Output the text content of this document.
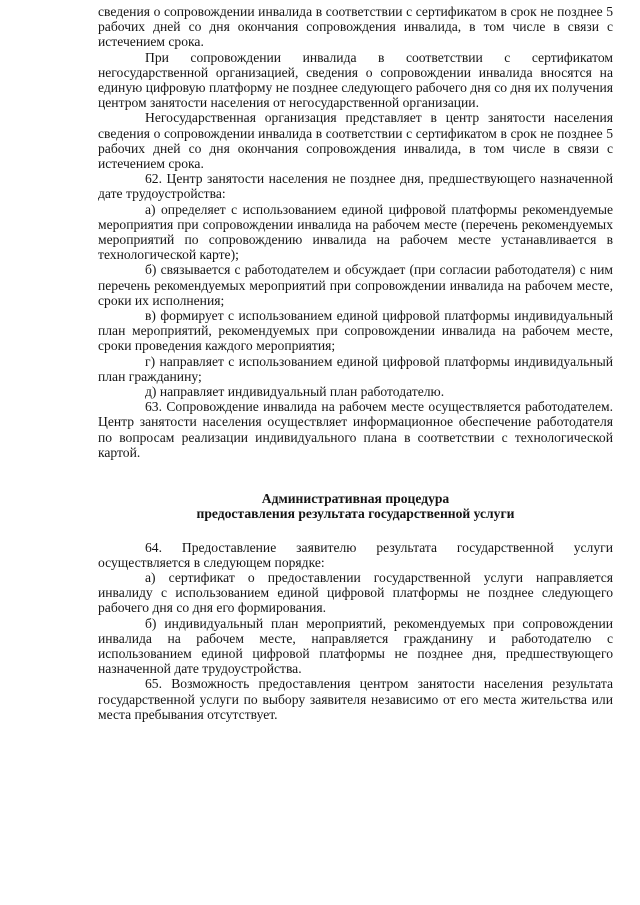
сведения о сопровождении инвалида в соответствии с сертификатом в срок не позднее 5 рабочих дней со дня окончания сопровождения инвалида, в том числе в связи с истечением срока.

При сопровождении инвалида в соответствии с сертификатом негосударственной организацией, сведения о сопровождении инвалида вносятся на единую цифровую платформу не позднее следующего рабочего дня со дня их получения центром занятости населения от негосударственной организации.

Негосударственная организация представляет в центр занятости населения сведения о сопровождении инвалида в соответствии с сертификатом в срок не позднее 5 рабочих дней со дня окончания сопровождения инвалида, в том числе в связи с истечением срока.

62. Центр занятости населения не позднее дня, предшествующего назначенной дате трудоустройства:

а) определяет с использованием единой цифровой платформы рекомендуемые мероприятия при сопровождении инвалида на рабочем месте (перечень рекомендуемых мероприятий по сопровождению инвалида на рабочем месте устанавливается в технологической карте);

б) связывается с работодателем и обсуждает (при согласии работодателя) с ним перечень рекомендуемых мероприятий при сопровождении инвалида на рабочем месте, сроки их исполнения;

в) формирует с использованием единой цифровой платформы индивидуальный план мероприятий, рекомендуемых при сопровождении инвалида на рабочем месте, сроки проведения каждого мероприятия;

г) направляет с использованием единой цифровой платформы индивидуальный план гражданину;

д) направляет индивидуальный план работодателю.

63. Сопровождение инвалида на рабочем месте осуществляется работодателем. Центр занятости населения осуществляет информационное обеспечение работодателя по вопросам реализации индивидуального плана в соответствии с технологической картой.

Административная процедура

предоставления результата государственной услуги

64. Предоставление заявителю результата государственной услуги осуществляется в следующем порядке:

а) сертификат о предоставлении государственной услуги направляется инвалиду с использованием единой цифровой платформы не позднее следующего рабочего дня со дня его формирования.

б) индивидуальный план мероприятий, рекомендуемых при сопровождении инвалида на рабочем месте, направляется гражданину и работодателю с использованием единой цифровой платформы не позднее дня, предшествующего назначенной дате трудоустройства.

65. Возможность предоставления центром занятости населения результата государственной услуги по выбору заявителя независимо от его места жительства или места пребывания отсутствует.
